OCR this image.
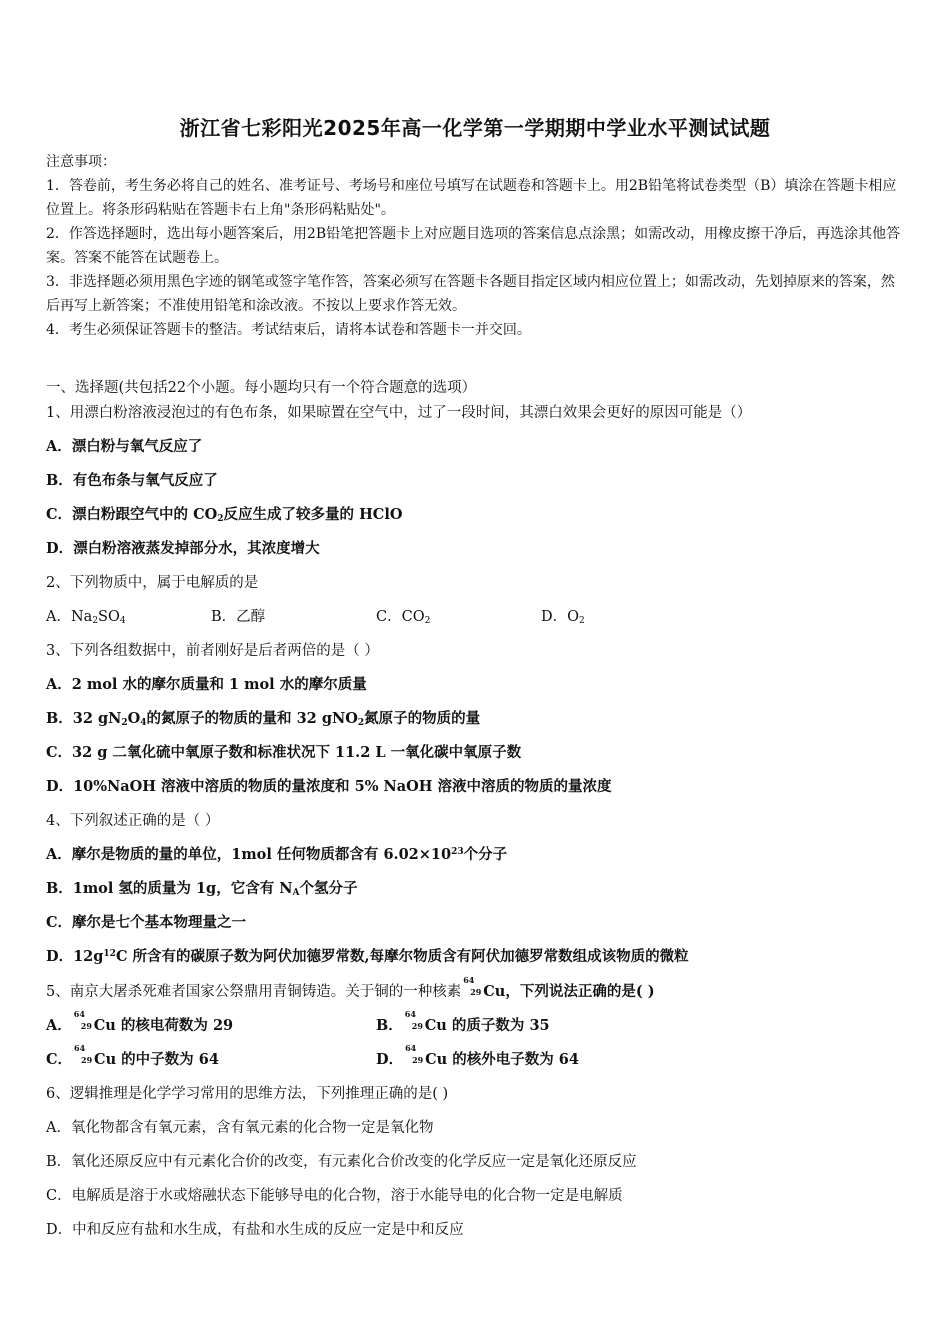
浙江省七彩阳光2025年高一化学第一学期期中学业水平测试试题
注意事项：
1．答卷前，考生务必将自己的姓名、准考证号、考场号和座位号填写在试题卷和答题卡上。用2B铅笔将试卷类型（B）填涂在答题卡相应位置上。将条形码粘贴在答题卡右上角"条形码粘贴处"。
2．作答选择题时，选出每小题答案后，用2B铅笔把答题卡上对应题目选项的答案信息点涂黑；如需改动，用橡皮擦干净后，再选涂其他答案。答案不能答在试题卷上。
3．非选择题必须用黑色字迹的钢笔或签字笔作答，答案必须写在答题卡各题目指定区域内相应位置上；如需改动，先划掉原来的答案，然后再写上新答案；不准使用铅笔和涂改液。不按以上要求作答无效。
4．考生必须保证答题卡的整洁。考试结束后，请将本试卷和答题卡一并交回。
一、选择题(共包括22个小题。每小题均只有一个符合题意的选项）
1、用漂白粉溶液浸泡过的有色布条，如果晾置在空气中，过了一段时间，其漂白效果会更好的原因可能是（）
A．漂白粉与氧气反应了
B．有色布条与氧气反应了
C．漂白粉跟空气中的 $CO_2$反应生成了较多量的 HClO
D．漂白粉溶液蒸发掉部分水，其浓度增大
2、下列物质中，属于电解质的是
A．$Na_2SO_4$	B．乙醇	C．$CO_2$	D．$O_2$
3、下列各组数据中，前者刚好是后者两倍的是（ ）
A．2 mol 水的摩尔质量和 1 mol 水的摩尔质量
B．32 $gN_2O_4$的氮原子的物质的量和 32 gNO$_2$氮原子的物质的量
C．32 g 二氧化硫中氧原子数和标准状况下 11.2 L 一氧化碳中氧原子数
D．10%NaOH 溶液中溶质的物质的量浓度和 5% NaOH 溶液中溶质的物质的量浓度
4、下列叙述正确的是（ ）
A．摩尔是物质的量的单位，1mol 任何物质都含有 $6.02\times 10^{23}$个分子
B．1mol 氢的质量为 1g，它含有 $N_A$个氢分子
C．摩尔是七个基本物理量之一
D．$12g^{12}C$ 所含有的碳原子数为阿伏加德罗常数,每摩尔物质含有阿伏加德罗常数组成该物质的微粒
5、南京大屠杀死难者国家公祭鼎用青铜铸造。关于铜的一种核素
64
29 Cu，下列说法正确的是( )
A．
64
29 Cu 的核电荷数为 29	B．
64
29 Cu 的质子数为 35
C．
64
29 Cu 的中子数为 64	D．
64
29 Cu 的核外电子数为 64
6、逻辑推理是化学学习常用的思维方法，下列推理正确的是( )
A．氧化物都含有氧元素，含有氧元素的化合物一定是氧化物
B．氧化还原反应中有元素化合价的改变，有元素化合价改变的化学反应一定是氧化还原反应
C．电解质是溶于水或熔融状态下能够导电的化合物，溶于水能导电的化合物一定是电解质
D．中和反应有盐和水生成，有盐和水生成的反应一定是中和反应
